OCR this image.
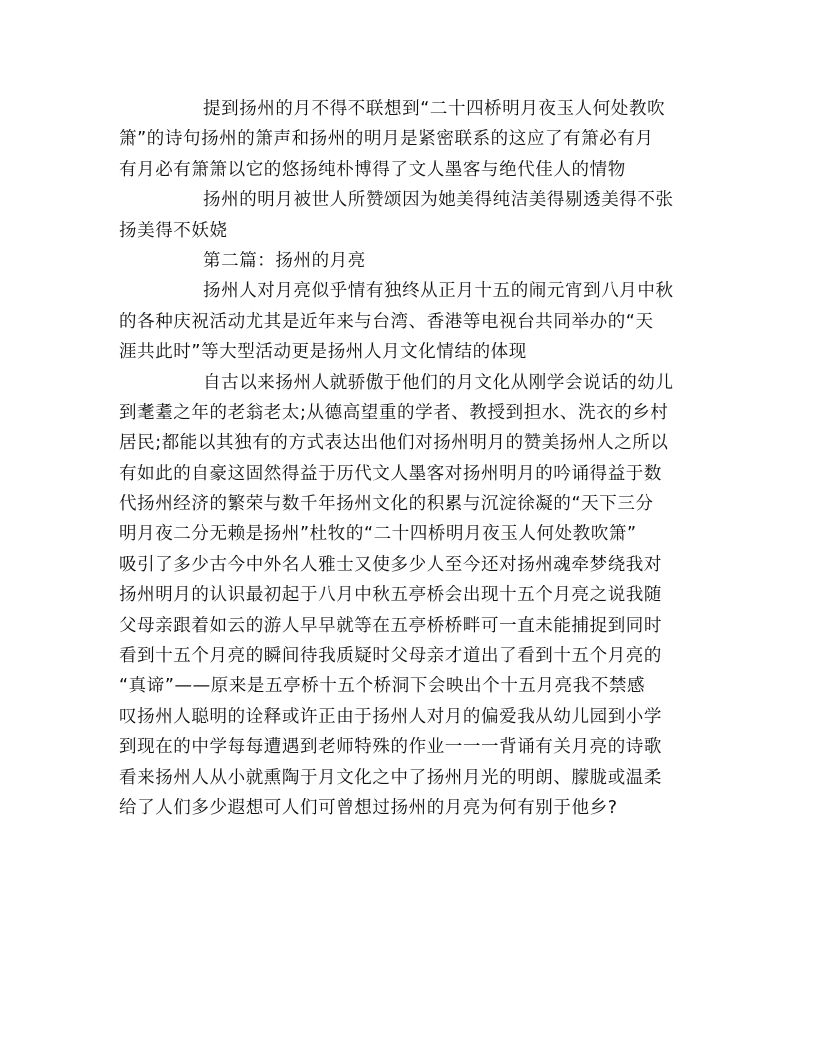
提到扬州的月不得不联想到“二十四桥明月夜玉人何处教吹
箫”的诗句扬州的箫声和扬州的明月是紧密联系的这应了有箫必有月
有月必有箫箫以它的悠扬纯朴博得了文人墨客与绝代佳人的情物
扬州的明月被世人所赞颂因为她美得纯洁美得剔透美得不张
扬美得不妖娆
第二篇：扬州的月亮
扬州人对月亮似乎情有独终从正月十五的闹元宵到八月中秋
的各种庆祝活动尤其是近年来与台湾、香港等电视台共同举办的“天
涯共此时”等大型活动更是扬州人月文化情结的体现
自古以来扬州人就骄傲于他们的月文化从刚学会说话的幼儿
到耄耋之年的老翁老太;从德高望重的学者、教授到担水、洗衣的乡村
居民;都能以其独有的方式表达出他们对扬州明月的赞美扬州人之所以
有如此的自豪这固然得益于历代文人墨客对扬州明月的吟诵得益于数
代扬州经济的繁荣与数千年扬州文化的积累与沉淀徐凝的“天下三分
明月夜二分无赖是扬州”杜牧的“二十四桥明月夜玉人何处教吹箫”
吸引了多少古今中外名人雅士又使多少人至今还对扬州魂牵梦绕我对
扬州明月的认识最初起于八月中秋五亭桥会出现十五个月亮之说我随
父母亲跟着如云的游人早早就等在五亭桥桥畔可一直未能捕捉到同时
看到十五个月亮的瞬间待我质疑时父母亲才道出了看到十五个月亮的
“真谛”——原来是五亭桥十五个桥洞下会映出个十五月亮我不禁感
叹扬州人聪明的诠释或许正由于扬州人对月的偏爱我从幼儿园到小学
到现在的中学每每遭遇到老师特殊的作业一一一背诵有关月亮的诗歌
看来扬州人从小就熏陶于月文化之中了扬州月光的明朗、朦胧或温柔
给了人们多少遐想可人们可曾想过扬州的月亮为何有别于他乡?
